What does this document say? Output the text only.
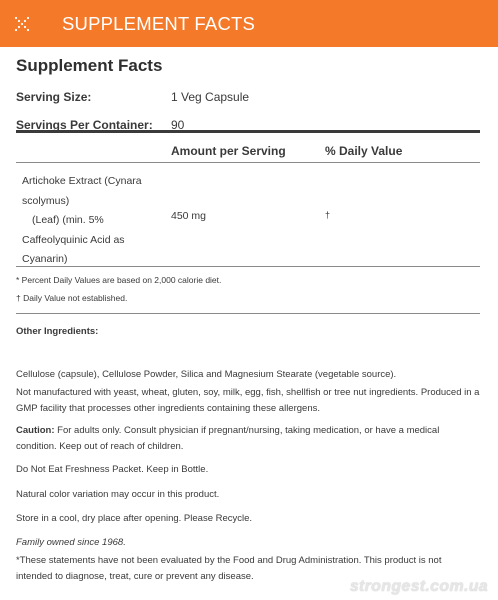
SUPPLEMENT FACTS
Supplement Facts
Serving Size:	1 Veg Capsule
Servings Per Container:	90
Amount per Serving	% Daily Value
Artichoke Extract (Cynara
scolymus)
(Leaf) (min. 5%
Caffeolyquinic Acid as
Cyanarin)
450 mg	†
* Percent Daily Values are based on 2,000 calorie diet.
† Daily Value not established.
Other Ingredients:
Cellulose (capsule), Cellulose Powder, Silica and Magnesium Stearate (vegetable source).
Not manufactured with yeast, wheat, gluten, soy, milk, egg, fish, shellfish or tree nut ingredients. Produced in a GMP facility that processes other ingredients containing these allergens.
Caution: For adults only. Consult physician if pregnant/nursing, taking medication, or have a medical condition. Keep out of reach of children.
Do Not Eat Freshness Packet. Keep in Bottle.
Natural color variation may occur in this product.
Store in a cool, dry place after opening. Please Recycle.
Family owned since 1968.
*These statements have not been evaluated by the Food and Drug Administration. This product is not intended to diagnose, treat, cure or prevent any disease.
strongest.com.ua
